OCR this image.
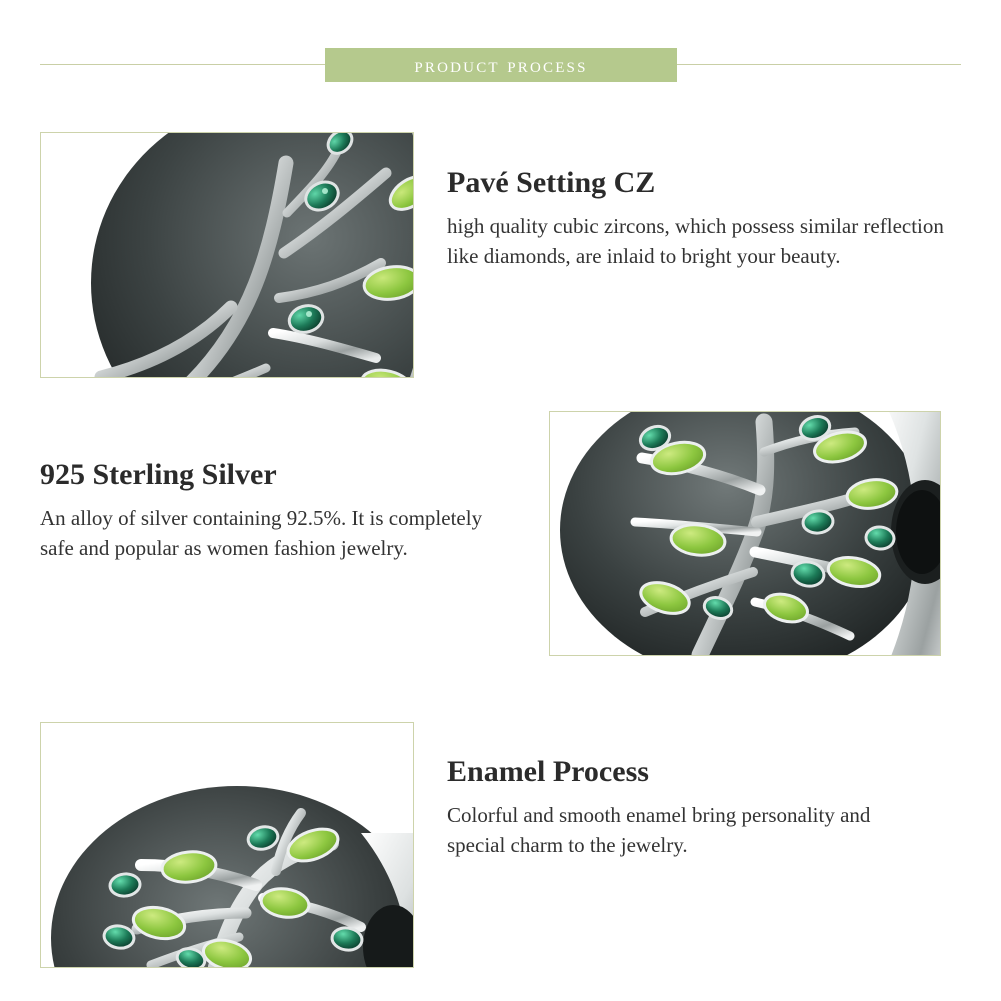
product process
Pavé Setting CZ

high quality cubic zircons, which possess similar reflection like diamonds, are inlaid to bright your beauty.

925 Sterling Silver

An alloy of silver containing 92.5%. It is completely safe and popular as women fashion jewelry.

Enamel Process

Colorful and smooth enamel bring personality and special charm to the jewelry.
